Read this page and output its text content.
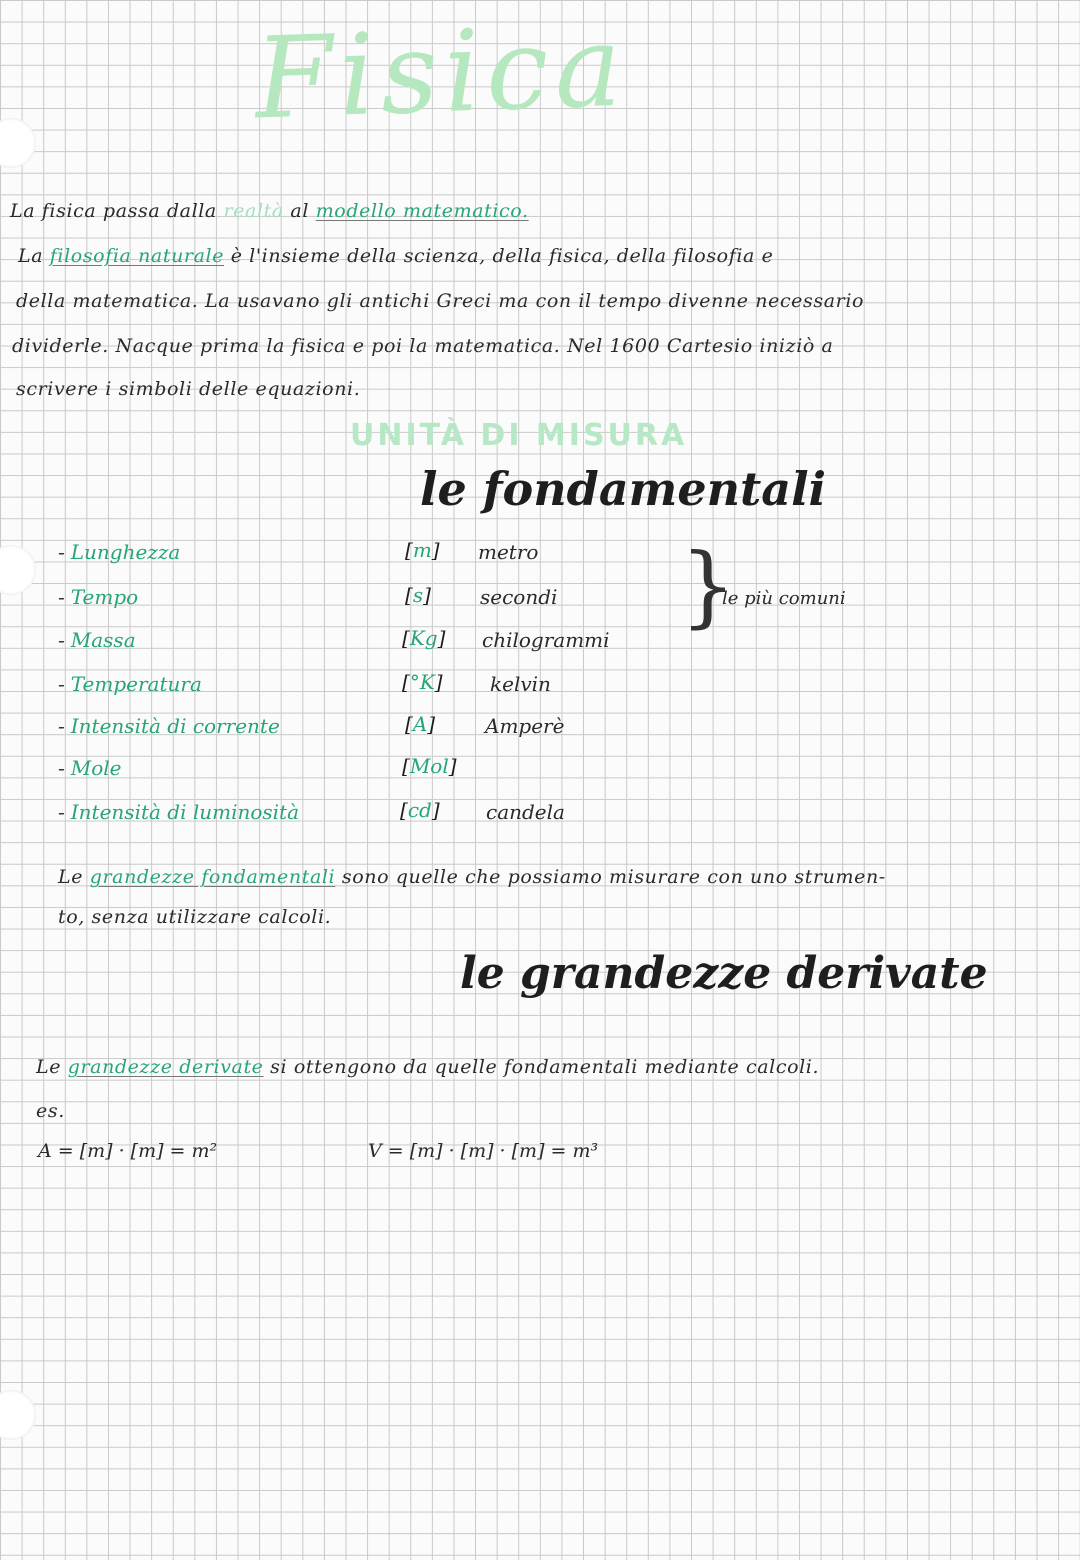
Fisica
La fisica passa dalla realtà al modello matematico.
La filosofia naturale è l'insieme della scienza, della fisica, della filosofia e
della matematica. La usavano gli antichi Greci ma con il tempo divenne necessario
dividerle. Nacque prima la fisica e poi la matematica. Nel 1600 Cartesio iniziò a
scrivere i simboli delle equazioni.
UNITÀ DI MISURA
le fondamentali
- Lunghezza	[m] metro
- Tempo	[s] secondi
- Massa	[Kg] chilogrammi
- Temperatura	[°K] kelvin
- Intensità di corrente	[A] Amperè
- Mole	[Mol]
- Intensità di luminosità	[cd] candela
}
le più comuni
Le grandezze fondamentali sono quelle che possiamo misurare con uno strumen-
to, senza utilizzare calcoli.
le grandezze derivate
Le grandezze derivate si ottengono da quelle fondamentali mediante calcoli.
es.
A = [m] · [m] = m²	V = [m] · [m] · [m] = m³
